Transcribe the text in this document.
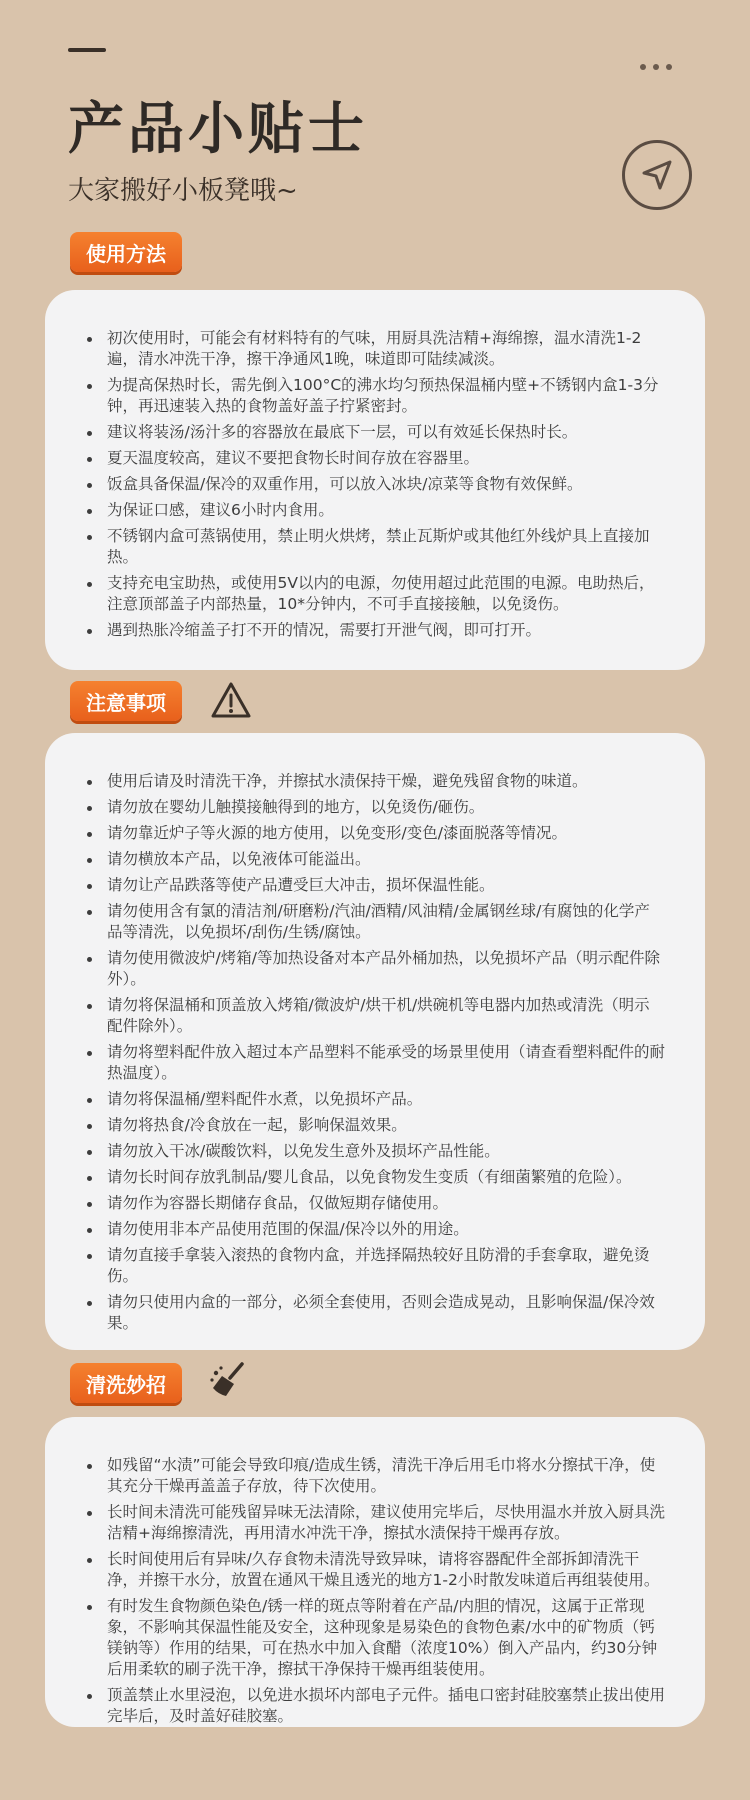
产品小贴士
大家搬好小板凳哦~
使用方法
初次使用时，可能会有材料特有的气味，用厨具洗洁精+海绵擦，温水清洗1-2遍，清水冲洗干净，擦干净通风1晚，味道即可陆续减淡。
为提高保热时长，需先倒入100°C的沸水均匀预热保温桶内壁+不锈钢内盒1-3分钟，再迅速装入热的食物盖好盖子拧紧密封。
建议将装汤/汤汁多的容器放在最底下一层，可以有效延长保热时长。
夏天温度较高，建议不要把食物长时间存放在容器里。
饭盒具备保温/保冷的双重作用，可以放入冰块/凉菜等食物有效保鲜。
为保证口感，建议6小时内食用。
不锈钢内盒可蒸锅使用，禁止明火烘烤，禁止瓦斯炉或其他红外线炉具上直接加热。
支持充电宝助热，或使用5V以内的电源，勿使用超过此范围的电源。电助热后，注意顶部盖子内部热量，10*分钟内，不可手直接接触，以免烫伤。
遇到热胀冷缩盖子打不开的情况，需要打开泄气阀，即可打开。
注意事项
使用后请及时清洗干净，并擦拭水渍保持干燥，避免残留食物的味道。
请勿放在婴幼儿触摸接触得到的地方，以免烫伤/砸伤。
请勿靠近炉子等火源的地方使用，以免变形/变色/漆面脱落等情况。
请勿横放本产品，以免液体可能溢出。
请勿让产品跌落等使产品遭受巨大冲击，损坏保温性能。
请勿使用含有氯的清洁剂/研磨粉/汽油/酒精/风油精/金属钢丝球/有腐蚀的化学产品等清洗，以免损坏/刮伤/生锈/腐蚀。
请勿使用微波炉/烤箱/等加热设备对本产品外桶加热，以免损坏产品（明示配件除外）。
请勿将保温桶和顶盖放入烤箱/微波炉/烘干机/烘碗机等电器内加热或清洗（明示配件除外）。
请勿将塑料配件放入超过本产品塑料不能承受的场景里使用（请查看塑料配件的耐热温度）。
请勿将保温桶/塑料配件水煮，以免损坏产品。
请勿将热食/冷食放在一起，影响保温效果。
请勿放入干冰/碳酸饮料，以免发生意外及损坏产品性能。
请勿长时间存放乳制品/婴儿食品，以免食物发生变质（有细菌繁殖的危险）。
请勿作为容器长期储存食品，仅做短期存储使用。
请勿使用非本产品使用范围的保温/保冷以外的用途。
请勿直接手拿装入滚热的食物内盒，并选择隔热较好且防滑的手套拿取，避免烫伤。
请勿只使用内盒的一部分，必须全套使用，否则会造成晃动，且影响保温/保冷效果。
清洗妙招
如残留“水渍”可能会导致印痕/造成生锈，清洗干净后用毛巾将水分擦拭干净，使其充分干燥再盖盖子存放，待下次使用。
长时间未清洗可能残留异味无法清除，建议使用完毕后，尽快用温水并放入厨具洗洁精+海绵擦清洗，再用清水冲洗干净，擦拭水渍保持干燥再存放。
长时间使用后有异味/久存食物未清洗导致异味，请将容器配件全部拆卸清洗干净，并擦干水分，放置在通风干燥且透光的地方1-2小时散发味道后再组装使用。
有时发生食物颜色染色/锈一样的斑点等附着在产品/内胆的情况，这属于正常现象，不影响其保温性能及安全，这种现象是易染色的食物色素/水中的矿物质（钙镁钠等）作用的结果，可在热水中加入食醋（浓度10%）倒入产品内，约30分钟后用柔软的刷子洗干净，擦拭干净保持干燥再组装使用。
顶盖禁止水里浸泡，以免进水损坏内部电子元件。插电口密封硅胶塞禁止拔出使用完毕后，及时盖好硅胶塞。
